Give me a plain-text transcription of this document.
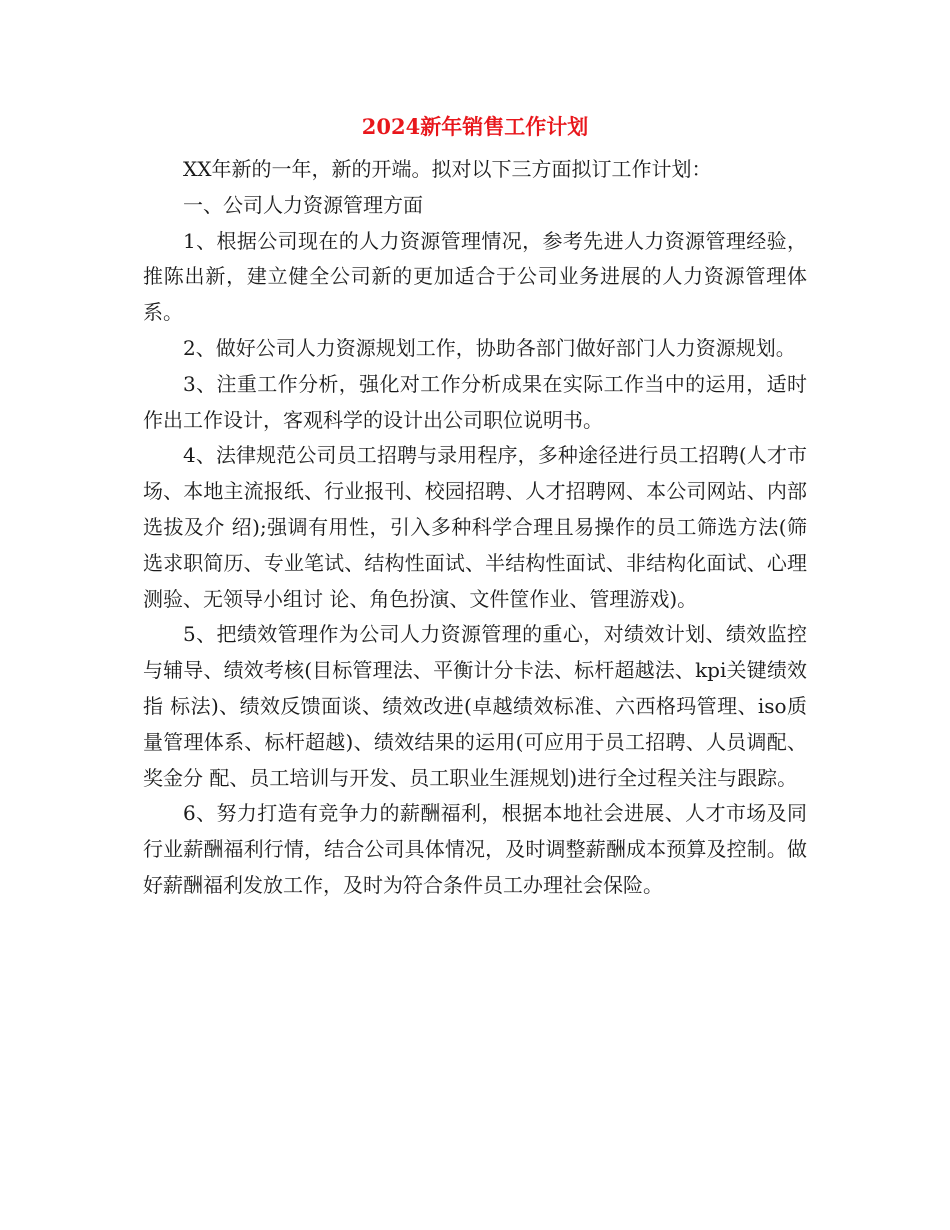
2024新年销售工作计划

XX年新的一年，新的开端。拟对以下三方面拟订工作计划：

一、公司人力资源管理方面

1、根据公司现在的人力资源管理情况，参考先进人力资源管理经验，推陈出新，建立健全公司新的更加适合于公司业务进展的人力资源管理体系。

2、做好公司人力资源规划工作，协助各部门做好部门人力资源规划。

3、注重工作分析，强化对工作分析成果在实际工作当中的运用，适时作出工作设计，客观科学的设计出公司职位说明书。

4、法律规范公司员工招聘与录用程序，多种途径进行员工招聘(人才市场、本地主流报纸、行业报刊、校园招聘、人才招聘网、本公司网站、内部选拔及介 绍);强调有用性，引入多种科学合理且易操作的员工筛选方法(筛选求职简历、专业笔试、结构性面试、半结构性面试、非结构化面试、心理测验、无领导小组讨 论、角色扮演、文件筐作业、管理游戏)。

5、把绩效管理作为公司人力资源管理的重心，对绩效计划、绩效监控与辅导、绩效考核(目标管理法、平衡计分卡法、标杆超越法、kpi关键绩效指 标法)、绩效反馈面谈、绩效改进(卓越绩效标准、六西格玛管理、iso质量管理体系、标杆超越)、绩效结果的运用(可应用于员工招聘、人员调配、奖金分 配、员工培训与开发、员工职业生涯规划)进行全过程关注与跟踪。

6、努力打造有竞争力的薪酬福利，根据本地社会进展、人才市场及同行业薪酬福利行情，结合公司具体情况，及时调整薪酬成本预算及控制。做好薪酬福利发放工作，及时为符合条件员工办理社会保险。
